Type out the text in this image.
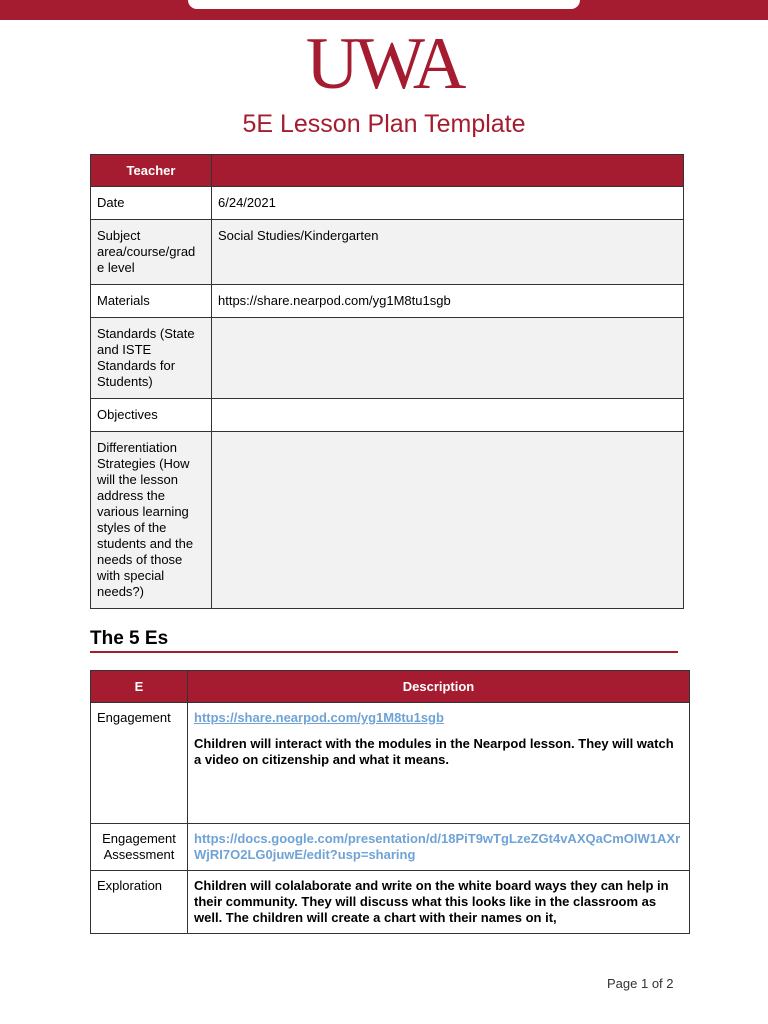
UWA
5E Lesson Plan Template
Teacher	
Date	6/24/2021
Subject area/course/grad e level	Social Studies/Kindergarten
Materials	https://share.nearpod.com/yg1M8tu1sgb
Standards (State and ISTE Standards for Students)	
Objectives	
Differentiation Strategies (How will the lesson address the various learning styles of the students and the needs of those with special needs?)	
The 5 Es
E	Description
Engagement	https://share.nearpod.com/yg1M8tu1sgb
Children will interact with the modules in the Nearpod lesson. They will watch a video on citizenship and what it means.

Engagement Assessment	https://docs.google.com/presentation/d/18PiT9wTgLzeZGt4vAXQaCmOlW1AXrWjRI7O2LG0juwE/edit?usp=sharing

Exploration	Children will colalaborate and write on the white board ways they can help in their community. They will discuss what this looks like in the classroom as well. The children will create a chart with their names on it,
Page 1 of 2
